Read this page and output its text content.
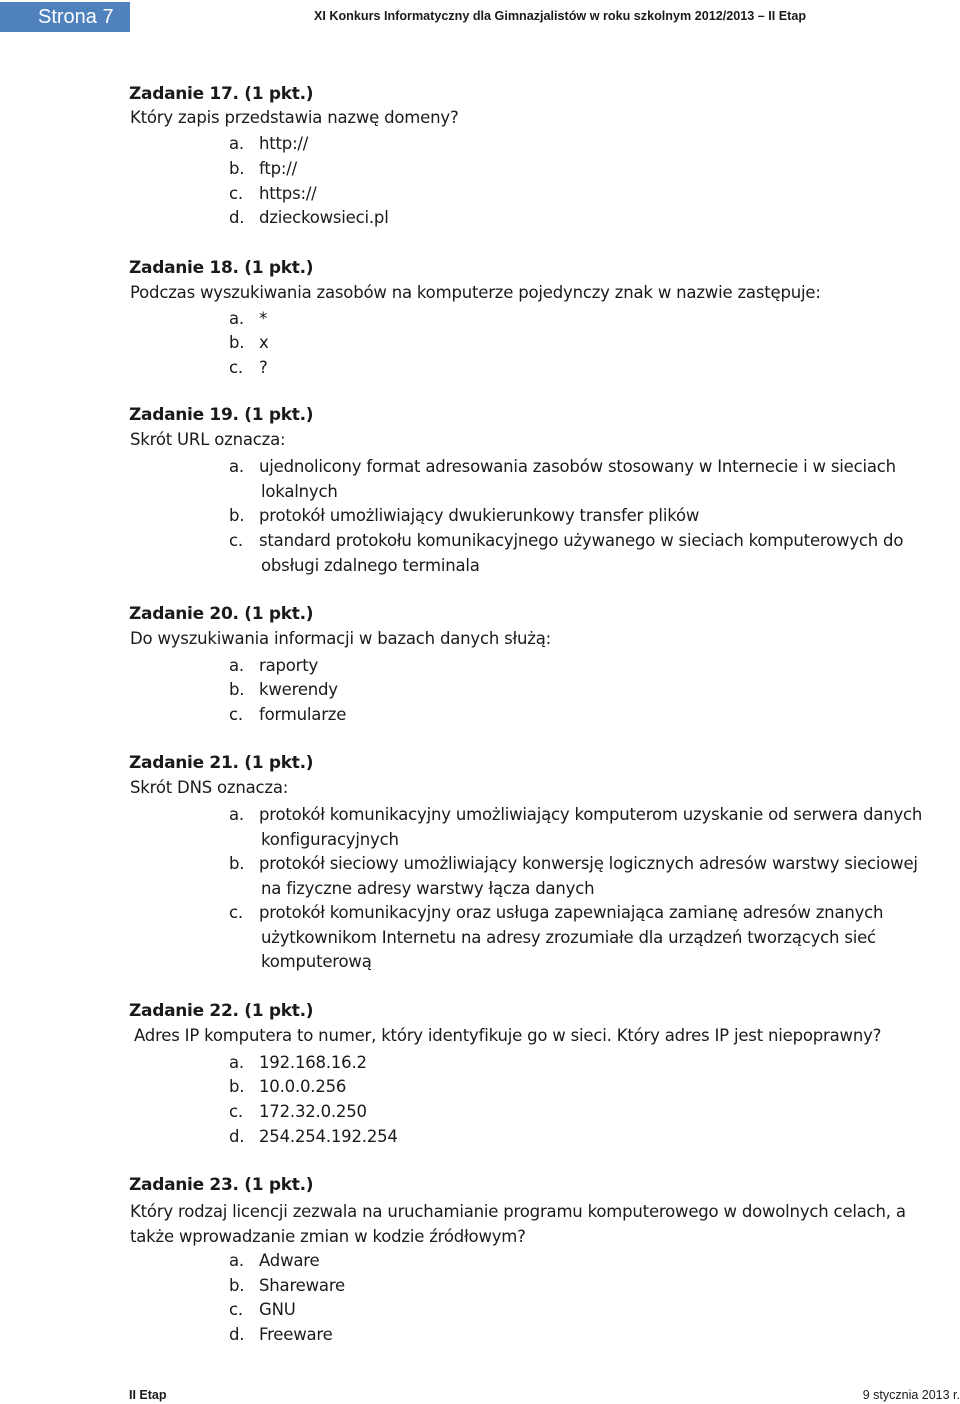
Strona 7	XI Konkurs Informatyczny dla Gimnazjalistów w roku szkolnym 2012/2013 – II Etap
Zadanie 17. (1 pkt.)
Który zapis przedstawia nazwę domeny?
a. http://
b. ftp://
c. https://
d. dzieckowsieci.pl
Zadanie 18. (1 pkt.)
Podczas wyszukiwania zasobów na komputerze pojedynczy znak w nazwie zastępuje:
a. *
b. x
c. ?
Zadanie 19. (1 pkt.)
Skrót URL oznacza:
a. ujednolicony format adresowania zasobów stosowany w Internecie i w sieciach
lokalnych
b. protokół umożliwiający dwukierunkowy transfer plików
c. standard protokołu komunikacyjnego używanego w sieciach komputerowych do
obsługi zdalnego terminala
Zadanie 20. (1 pkt.)
Do wyszukiwania informacji w bazach danych służą:
a. raporty
b. kwerendy
c. formularze
Zadanie 21. (1 pkt.)
Skrót DNS oznacza:
a. protokół komunikacyjny umożliwiający komputerom uzyskanie od serwera danych
konfiguracyjnych
b. protokół sieciowy umożliwiający konwersję logicznych adresów warstwy sieciowej
na fizyczne adresy warstwy łącza danych
c. protokół komunikacyjny oraz usługa zapewniająca zamianę adresów znanych
użytkownikom Internetu na adresy zrozumiałe dla urządzeń tworzących sieć
komputerową
Zadanie 22. (1 pkt.)
Adres IP komputera to numer, który identyfikuje go w sieci. Który adres IP jest niepoprawny?
a. 192.168.16.2
b. 10.0.0.256
c. 172.32.0.250
d. 254.254.192.254
Zadanie 23. (1 pkt.)
Który rodzaj licencji zezwala na uruchamianie programu komputerowego w dowolnych celach, a także wprowadzanie zmian w kodzie źródłowym?
a. Adware
b. Shareware
c. GNU
d. Freeware
II Etap	9 stycznia 2013 r.
